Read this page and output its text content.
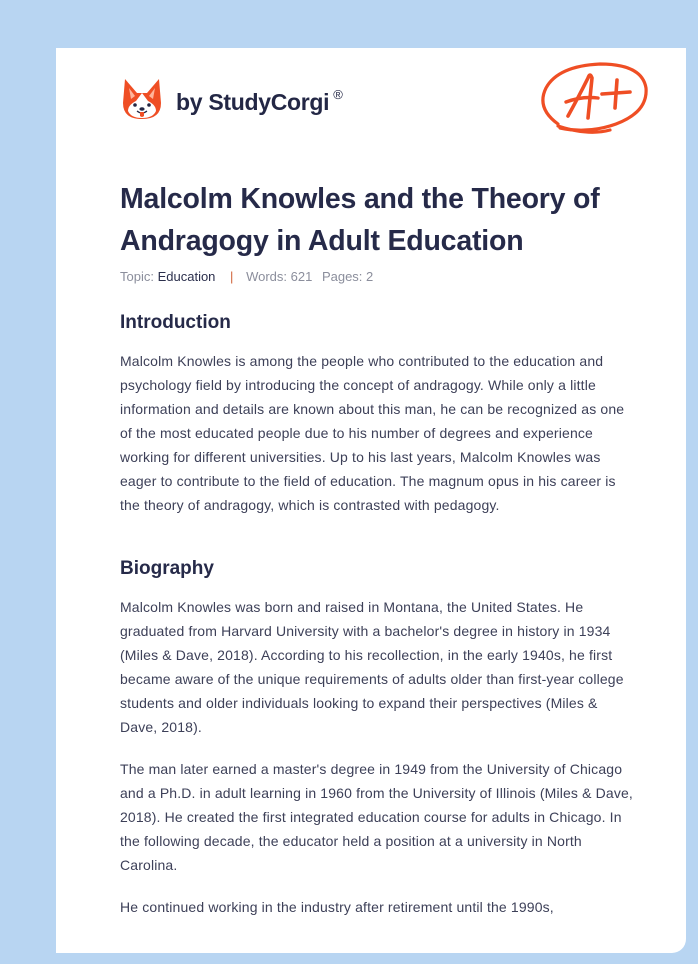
by StudyCorgi ®
Malcolm Knowles and the Theory of Andragogy in Adult Education
Topic: Education | Words: 621 Pages: 2
Introduction

Malcolm Knowles is among the people who contributed to the education and psychology field by introducing the concept of andragogy. While only a little information and details are known about this man, he can be recognized as one of the most educated people due to his number of degrees and experience working for different universities. Up to his last years, Malcolm Knowles was eager to contribute to the field of education. The magnum opus in his career is the theory of andragogy, which is contrasted with pedagogy.

Biography

Malcolm Knowles was born and raised in Montana, the United States. He graduated from Harvard University with a bachelor's degree in history in 1934 (Miles & Dave, 2018). According to his recollection, in the early 1940s, he first became aware of the unique requirements of adults older than first-year college students and older individuals looking to expand their perspectives (Miles & Dave, 2018).

The man later earned a master's degree in 1949 from the University of Chicago and a Ph.D. in adult learning in 1960 from the University of Illinois (Miles & Dave, 2018). He created the first integrated education course for adults in Chicago. In the following decade, the educator held a position at a university in North Carolina.

He continued working in the industry after retirement until the 1990s,
